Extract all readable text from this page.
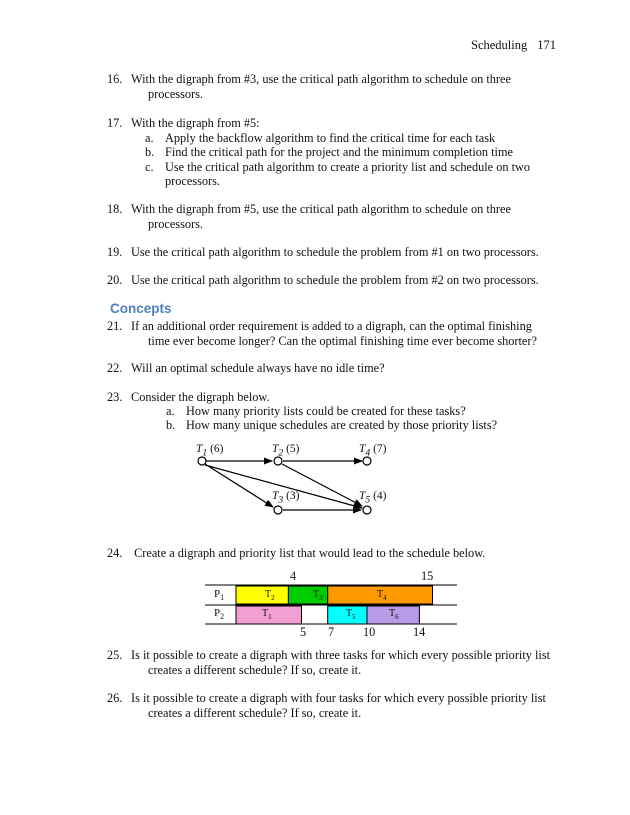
Scheduling 171
16. With the digraph from #3, use the critical path algorithm to schedule on three
processors.
17. With the digraph from #5:
a. Apply the backflow algorithm to find the critical time for each task
b. Find the critical path for the project and the minimum completion time
c. Use the critical path algorithm to create a priority list and schedule on two
processors.
18. With the digraph from #5, use the critical path algorithm to schedule on three
processors.
19. Use the critical path algorithm to schedule the problem from #1 on two processors.
20. Use the critical path algorithm to schedule the problem from #2 on two processors.
Concepts
21. If an additional order requirement is added to a digraph, can the optimal finishing
time ever become longer? Can the optimal finishing time ever become shorter?
22. Will an optimal schedule always have no idle time?
23. Consider the digraph below.
a. How many priority lists could be created for these tasks?
b. How many unique schedules are created by those priority lists?
$T_1$ (6)	$T_2$ (5)	$T_4$ (7)
$T_3$ (3)	$T_5$ (4)
24. Create a digraph and priority list that would lead to the schedule below.
$P_1$
$P_2$
4	15
5 7 10	14
$T_2$	$T_3$	$T_4$
$T_1$	$T_5$	$T_6$
25. Is it possible to create a digraph with three tasks for which every possible priority list
creates a different schedule? If so, create it.
26. Is it possible to create a digraph with four tasks for which every possible priority list
creates a different schedule? If so, create it.
